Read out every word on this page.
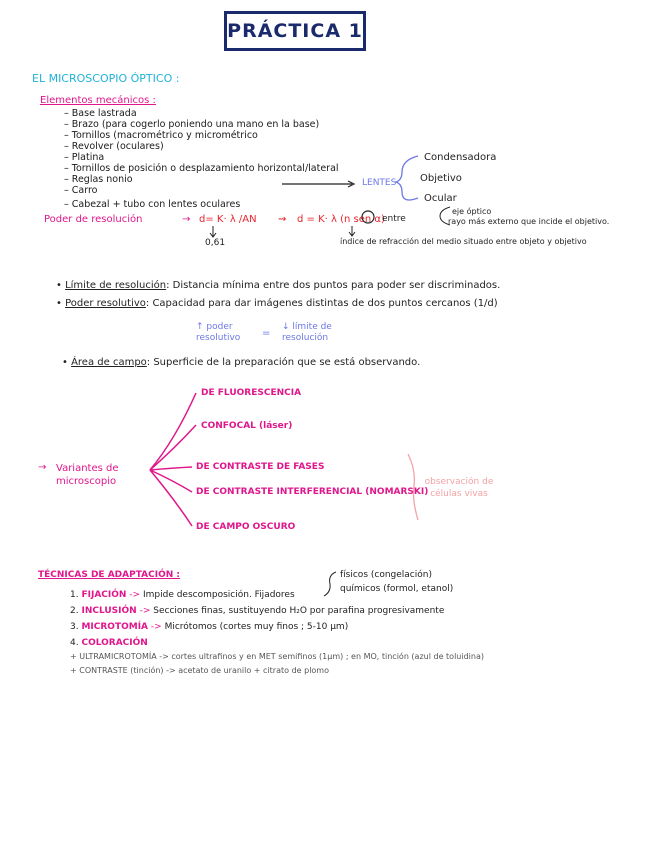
PRÁCTICA 1
EL MICROSCOPIO ÓPTICO :
Elementos mecánicos :
– Base lastrada
– Brazo (para cogerlo poniendo una mano en la base)
– Tornillos (macrométrico y micrométrico
– Revolver (oculares)
– Platina
– Tornillos de posición o desplazamiento horizontal/lateral
– Reglas nonio
– Carro
– Cabezal + tubo con lentes oculares
LENTES
Condensadora
Objetivo
Ocular
Poder de resolución	→ d= K· λ /AN ⇝ d = K· λ (n sen α)
0,61
entre
eje óptico
rayo más externo que incide el objetivo.
índice de refracción del medio situado entre objeto y objetivo
• Límite de resolución: Distancia mínima entre dos puntos para poder ser discriminados.
• Poder resolutivo: Capacidad para dar imágenes distintas de dos puntos cercanos (1/d)
↑ poder resolutivo	=
↓ límite de resolución
• Área de campo: Superficie de la preparación que se está observando.
→ Variantes de microscopio
DE FLUORESCENCIA
CONFOCAL (láser)
DE CONTRASTE DE FASES
DE CONTRASTE INTERFERENCIAL (NOMARSKI)
DE CAMPO OSCURO
observación de células vivas
TÉCNICAS DE ADAPTACIÓN :	físicos (congelación)
químicos (formol, etanol)
1. FIJACIÓN -> Impide descomposición. Fijadores
2. INCLUSIÓN -> Secciones finas, sustituyendo H₂O por parafina progresivamente
3. MICROTOMÍA -> Micrótomos (cortes muy finos ; 5-10 μm)
4. COLORACIÓN
+ ULTRAMICROTOMÍA -> cortes ultrafinos y en MET semifinos (1μm) ; en MO, tinción (azul de toluidina)
+ CONTRASTE (tinción) -> acetato de uranilo + citrato de plomo
